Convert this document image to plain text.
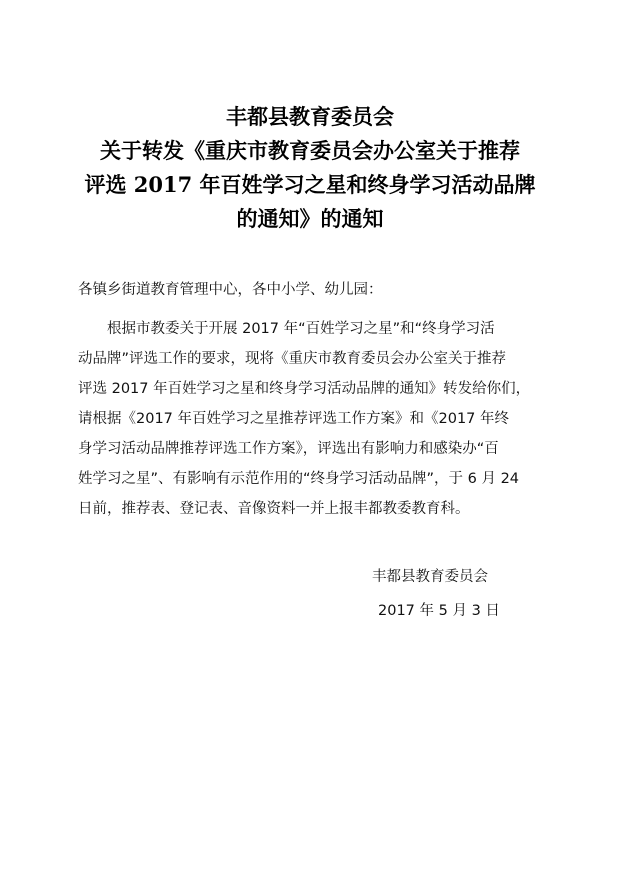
丰都县教育委员会
关于转发《重庆市教育委员会办公室关于推荐
评选 2017 年百姓学习之星和终身学习活动品牌
的通知》的通知
各镇乡街道教育管理中心，各中小学、幼儿园：
根据市教委关于开展 2017 年“百姓学习之星”和“终身学习活
动品牌”评选工作的要求，现将《重庆市教育委员会办公室关于推荐
评选 2017 年百姓学习之星和终身学习活动品牌的通知》转发给你们，
请根据《2017 年百姓学习之星推荐评选工作方案》和《2017 年终
身学习活动品牌推荐评选工作方案》，评选出有影响力和感染办“百
姓学习之星”、有影响有示范作用的“终身学习活动品牌”，于 6 月 24
日前，推荐表、登记表、音像资料一并上报丰都教委教育科。
丰都县教育委员会
2017 年 5 月 3 日
